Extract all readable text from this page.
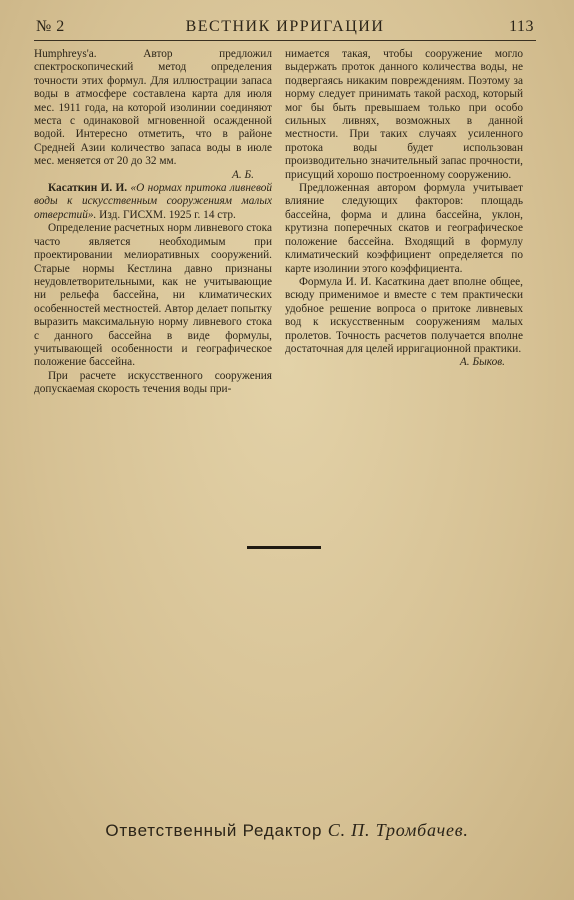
№ 2	ВЕСТНИК ИРРИГАЦИИ	113

Humphreys'а. Автор предложил спектроскопический метод определения точности этих формул. Для иллюстрации запаса воды в атмосфере составлена карта для июля мес. 1911 года, на которой изолинии соединяют места с одинаковой мгновенной осажденной водой. Интересно отметить, что в районе Средней Азии количество запаса воды в июле мес. меняется от 20 до 32 мм.

А. Б.

Касаткин И. И. «О нормах притока ливневой воды к искусственным сооружениям малых отверстий». Изд. ГИСХМ. 1925 г. 14 стр.

Определение расчетных норм ливневого стока часто является необходимым при проектировании мелиоративных сооружений. Старые нормы Кестлина давно признаны неудовлетворительными, как не учитывающие ни рельефа бассейна, ни климатических особенностей местностей. Автор делает попытку выразить максимальную норму ливневого стока с данного бассейна в виде формулы, учитывающей особенности и географическое положение бассейна.

При расчете искусственного сооружения допускаемая скорость течения воды при-

нимается такая, чтобы сооружение могло выдержать проток данного количества воды, не подвергаясь никаким повреждениям. Поэтому за норму следует принимать такой расход, который мог бы быть превышаем только при особо сильных ливнях, возможных в данной местности. При таких случаях усиленного протока воды будет использован производительно значительный запас прочности, присущий хорошо построенному сооружению.

Предложенная автором формула учитывает влияние следующих факторов: площадь бассейна, форма и длина бассейна, уклон, крутизна поперечных скатов и географическое положение бассейна. Входящий в формулу климатический коэффициент определяется по карте изолинии этого коэффициента.

Формула И. И. Касаткина дает вполне общее, всюду применимое и вместе с тем практически удобное решение вопроса о притоке ливневых вод к искусственным сооружениям малых пролетов. Точность расчетов получается вполне достаточная для целей ирригационной практики.

А. Быков.

Ответственный Редактор С. П. Тромбачев.
